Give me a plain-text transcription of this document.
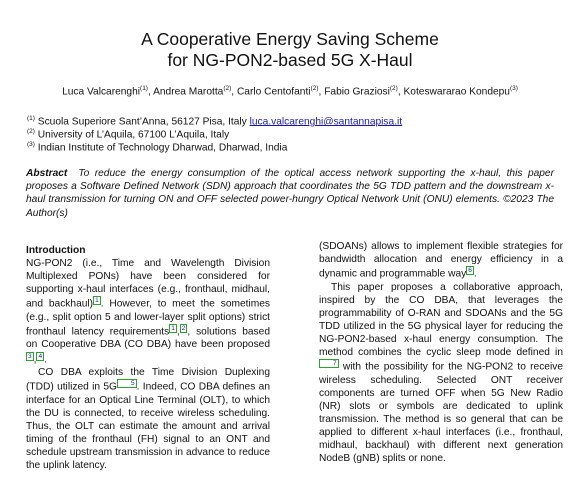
A Cooperative Energy Saving Scheme
for NG-PON2-based 5G X-Haul
Luca Valcarenghi$^{(1)}$, Andrea Marotta$^{(2)}$, Carlo Centofanti$^{(2)}$, Fabio Graziosi$^{(2)}$, Koteswararao Kondepu$^{(3)}$
$^{(1)}$ Scuola Superiore Sant’Anna, 56127 Pisa, Italy luca.valcarenghi@santannapisa.it
$^{(2)}$ University of L’Aquila, 67100 L’Aquila, Italy
$^{(3)}$ Indian Institute of Technology Dharwad, Dharwad, India
Abstract To reduce the energy consumption of the optical access network supporting the x-haul, this paper proposes a Software Defined Network (SDN) approach that coordinates the 5G TDD pattern and the downstream x-haul transmission for turning ON and OFF selected power-hungry Optical Network Unit (ONU) elements. ©2023 The Author(s)

Introduction

NG-PON2 (i.e., Time and Wavelength Division Multiplexed PONs) have been considered for supporting x-haul interfaces (e.g., fronthaul, midhaul, and backhaul) 1 . However, to meet the sometimes (e.g., split option 5 and lower-layer split options) strict fronthaul latency requirements 1 , 2 , solutions based on Cooperative DBA (CO DBA) have been proposed3 , 4 .

CO DBA exploits the Time Division Duplexing (TDD) utilized in 5G 5 . Indeed, CO DBA defines an interface for an Optical Line Terminal (OLT), to which the DU is connected, to receive wireless scheduling. Thus, the OLT can estimate the amount and arrival timing of the fronthaul (FH) signal to an ONT and schedule upstream transmission in advance to reduce the uplink latency.

(SDOANs) allows to implement flexible strategies for bandwidth allocation and energy efficiency in a dynamic and programmable way 6 .

This paper proposes a collaborative approach, inspired by the CO DBA, that leverages the programmability of O-RAN and SDOANs and the 5G TDD utilized in the 5G physical layer for reducing the NG-PON2-based x-haul energy consumption. The method combines the cyclic sleep mode defined in7 with the possibility for the NG-PON2 to receive wireless scheduling. Selected ONT receiver components are turned OFF when 5G New Radio (NR) slots or symbols are dedicated to uplink transmission. The method is so general that can be applied to different x-haul interfaces (i.e., fronthaul, midhaul, backhaul) with different next generation NodeB (gNB) splits or none.
